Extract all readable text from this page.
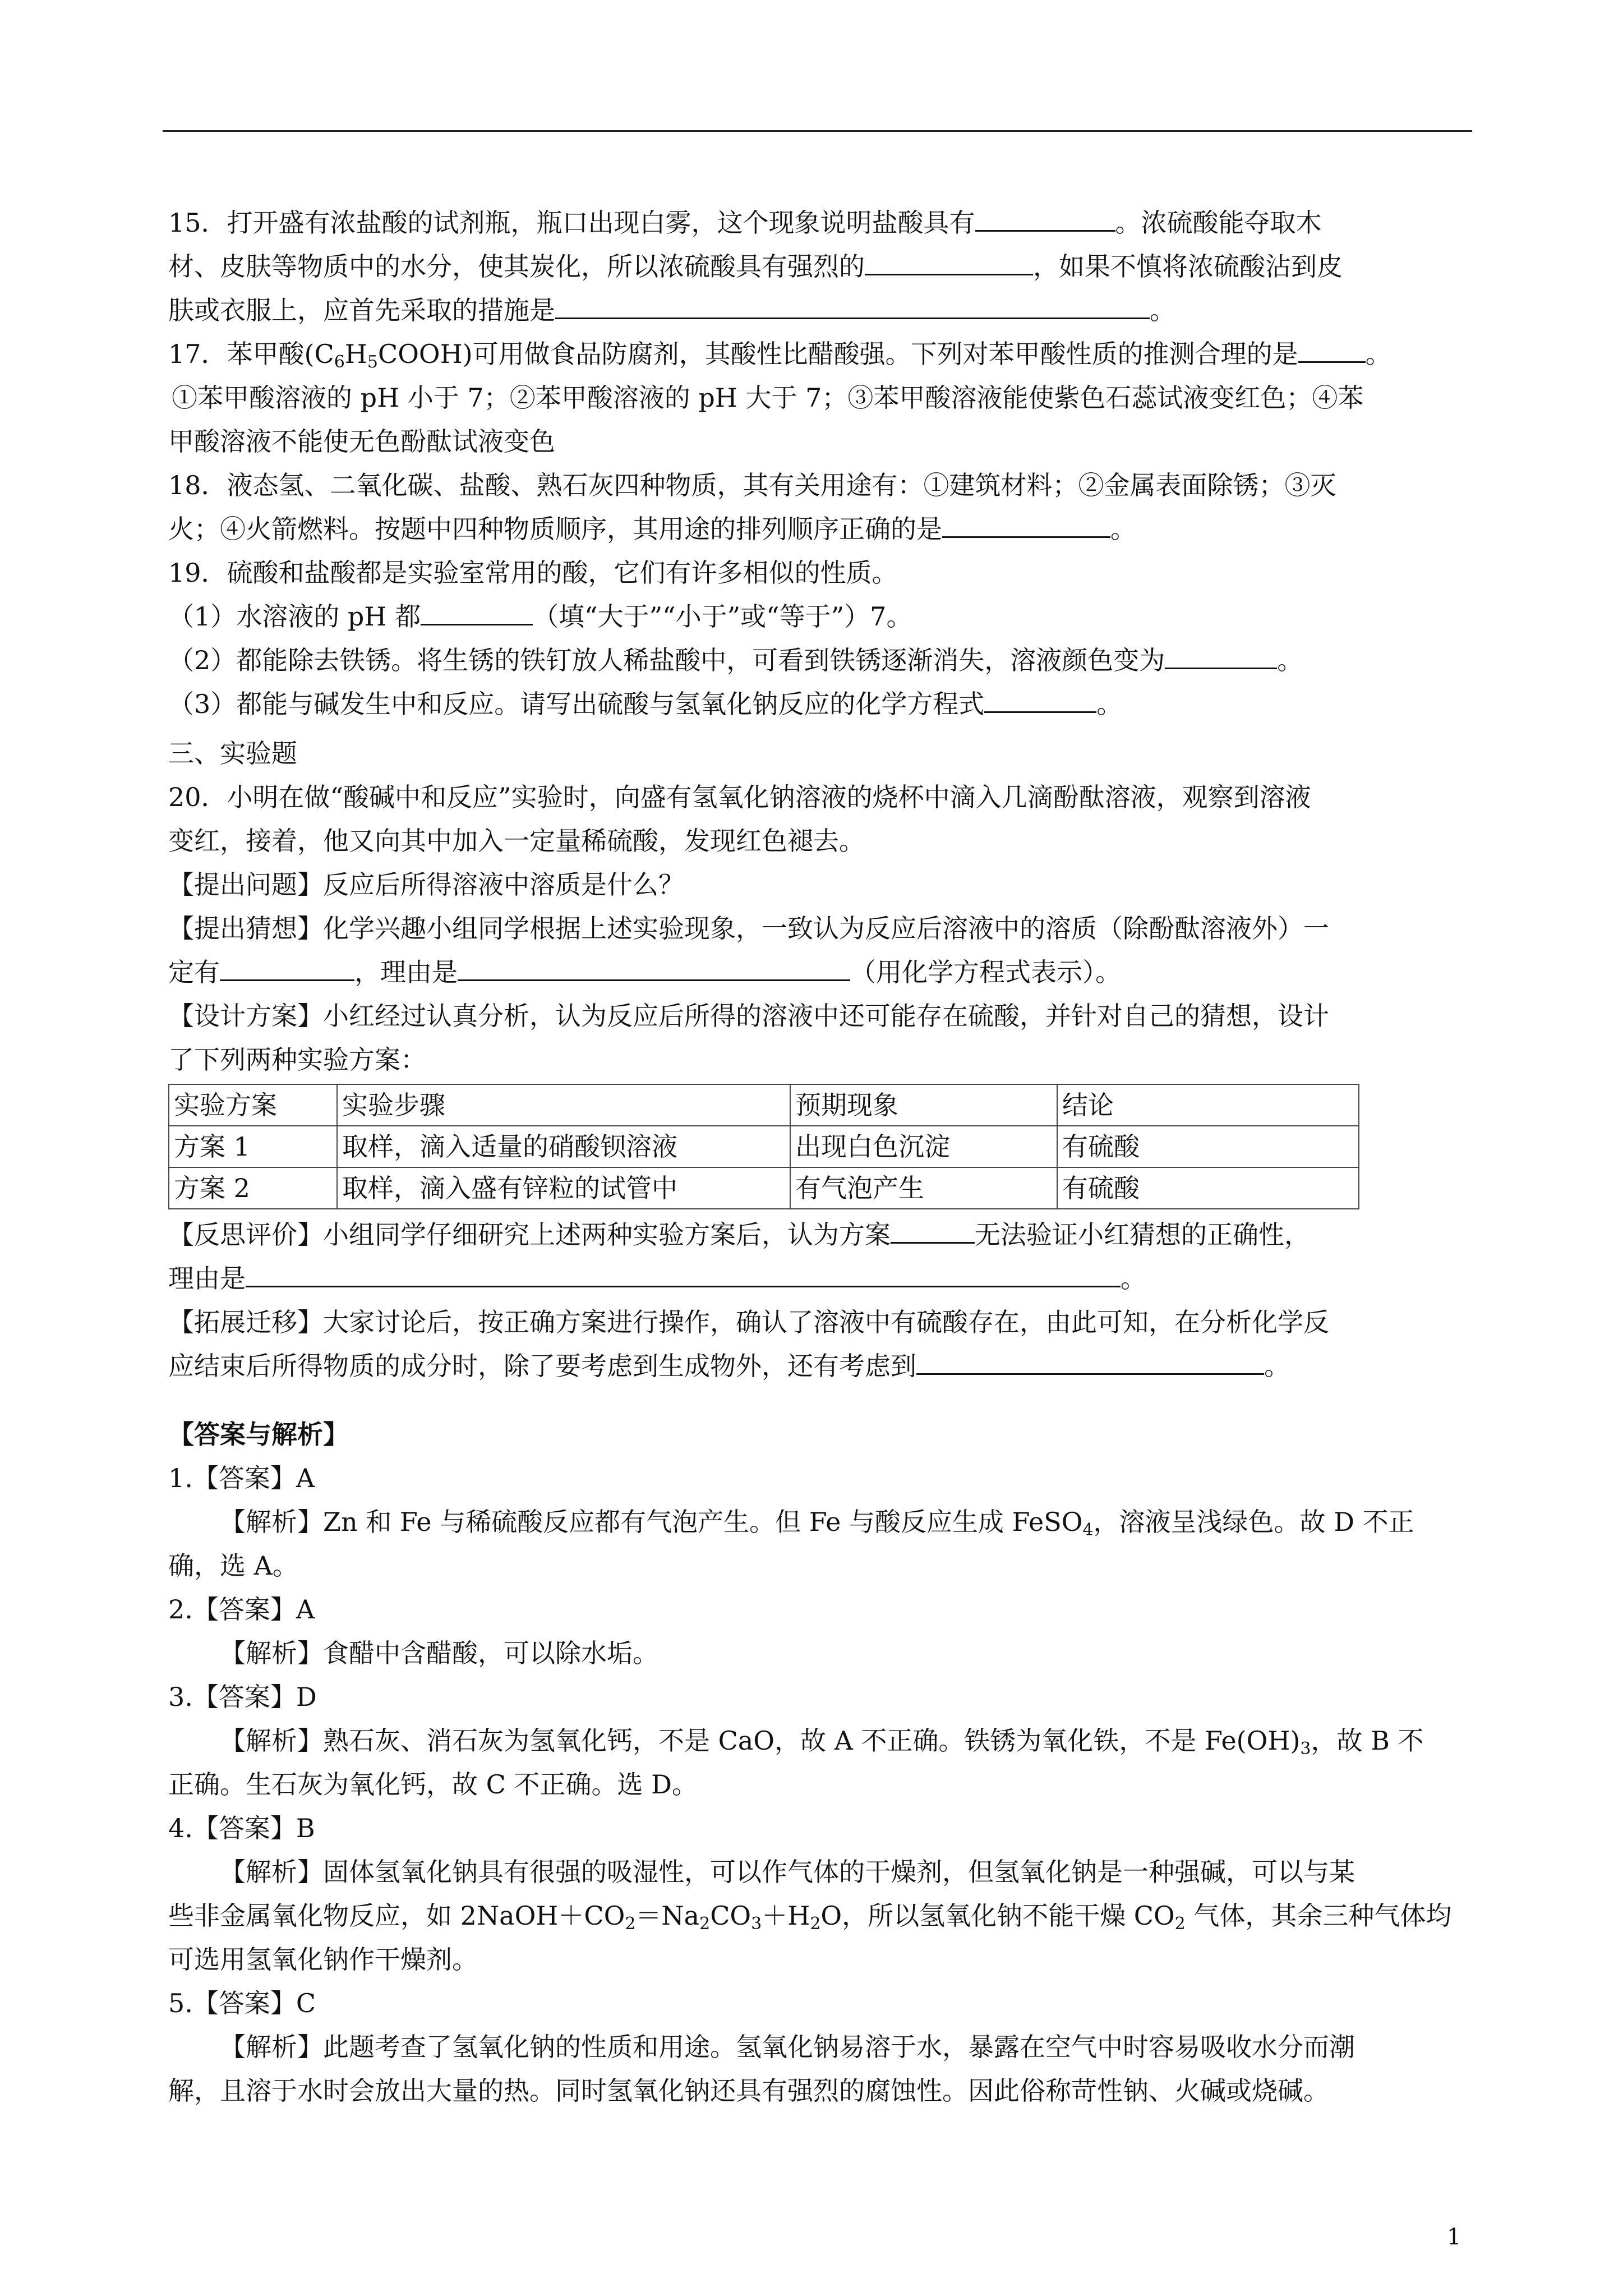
15．打开盛有浓盐酸的试剂瓶，瓶口出现白雾，这个现象说明盐酸具有	。浓硫酸能夺取木

材、皮肤等物质中的水分，使其炭化，所以浓硫酸具有强烈的	，如果不慎将浓硫酸沾到皮

肤或衣服上，应首先采取的措施是	。

17．苯甲酸$(C_6H_5COOH)$可用做食品防腐剂，其酸性比醋酸强。下列对苯甲酸性质的推测合理的是	。

①苯甲酸溶液的 pH 小于 7；②苯甲酸溶液的 pH 大于 7；③苯甲酸溶液能使紫色石蕊试液变红色；④苯

甲酸溶液不能使无色酚酞试液变色

18．液态氢、二氧化碳、盐酸、熟石灰四种物质，其有关用途有：①建筑材料；②金属表面除锈；③灭

火；④火箭燃料。按题中四种物质顺序，其用途的排列顺序正确的是	。

19．硫酸和盐酸都是实验室常用的酸，它们有许多相似的性质。

（1）水溶液的 pH 都	（填“大于”“小于”或“等于”）7。

（2）都能除去铁锈。将生锈的铁钉放人稀盐酸中，可看到铁锈逐渐消失，溶液颜色变为	。

（3）都能与碱发生中和反应。请写出硫酸与氢氧化钠反应的化学方程式	。

三、实验题

20．小明在做“酸碱中和反应”实验时，向盛有氢氧化钠溶液的烧杯中滴入几滴酚酞溶液，观察到溶液

变红，接着，他又向其中加入一定量稀硫酸，发现红色褪去。

【提出问题】反应后所得溶液中溶质是什么？

【提出猜想】化学兴趣小组同学根据上述实验现象，一致认为反应后溶液中的溶质（除酚酞溶液外）一

定有	，理由是	（用化学方程式表示）。

【设计方案】小红经过认真分析，认为反应后所得的溶液中还可能存在硫酸，并针对自己的猜想，设计

了下列两种实验方案：

实验方案	实验步骤	预期现象	结论
方案 1	取样，滴入适量的硝酸钡溶液	出现白色沉淀	有硫酸
方案 2	取样，滴入盛有锌粒的试管中	有气泡产生	有硫酸

【反思评价】小组同学仔细研究上述两种实验方案后，认为方案	无法验证小红猜想的正确性，

理由是	。

【拓展迁移】大家讨论后，按正确方案进行操作，确认了溶液中有硫酸存在，由此可知，在分析化学反

应结束后所得物质的成分时，除了要考虑到生成物外，还有考虑到	。

【答案与解析】

1.【答案】A

【解析】Zn 和 Fe 与稀硫酸反应都有气泡产生。但 Fe 与酸反应生成 FeSO$_4$，溶液呈浅绿色。故 D 不正

确，选 A。

2.【答案】A

【解析】食醋中含醋酸，可以除水垢。

3.【答案】D

【解析】熟石灰、消石灰为氢氧化钙，不是 CaO，故 A 不正确。铁锈为氧化铁，不是 $Fe(OH)_3$，故 B 不

正确。生石灰为氧化钙，故 C 不正确。选 D。

4.【答案】B

【解析】固体氢氧化钠具有很强的吸湿性，可以作气体的干燥剂，但氢氧化钠是一种强碱，可以与某

些非金属氧化物反应，如 $2NaOH+CO_2=Na_2CO_3+H_2O$，所以氢氧化钠不能干燥 $CO_2$ 气体，其余三种气体均

可选用氢氧化钠作干燥剂。

5.【答案】C

【解析】此题考查了氢氧化钠的性质和用途。氢氧化钠易溶于水，暴露在空气中时容易吸收水分而潮

解，且溶于水时会放出大量的热。同时氢氧化钠还具有强烈的腐蚀性。因此俗称苛性钠、火碱或烧碱。

1
